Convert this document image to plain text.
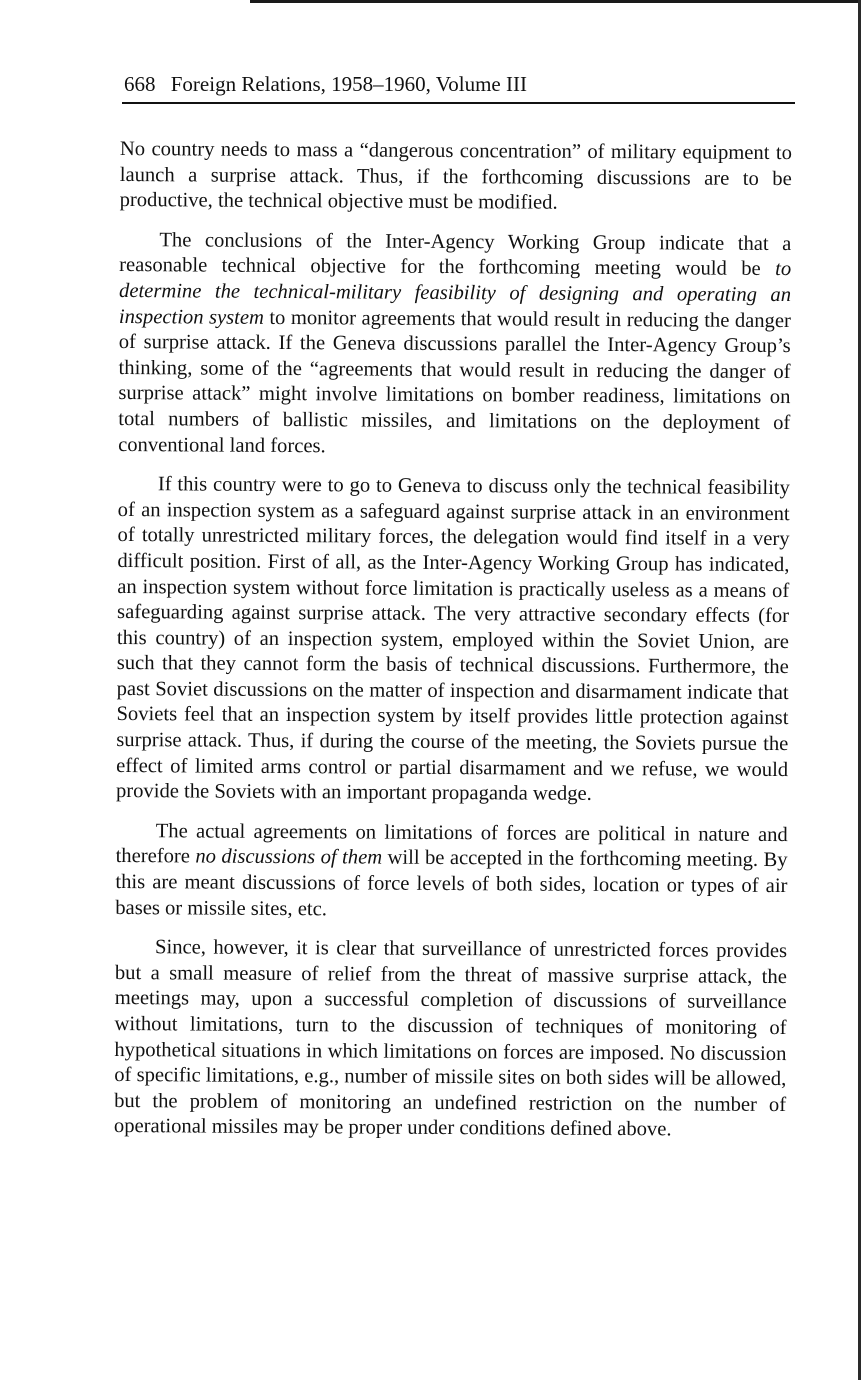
668 Foreign Relations, 1958–1960, Volume III

No country needs to mass a “dangerous concentration” of military equipment to launch a surprise attack. Thus, if the forthcoming discussions are to be productive, the technical objective must be modified.

The conclusions of the Inter-Agency Working Group indicate that a reasonable technical objective for the forthcoming meeting would be to determine the technical-military feasibility of designing and operating an inspection system to monitor agreements that would result in reducing the danger of surprise attack. If the Geneva discussions parallel the Inter-Agency Group’s thinking, some of the “agreements that would result in reducing the danger of surprise attack” might involve limitations on bomber readiness, limitations on total numbers of ballistic missiles, and limitations on the deployment of conventional land forces.

If this country were to go to Geneva to discuss only the technical feasibility of an inspection system as a safeguard against surprise attack in an environment of totally unrestricted military forces, the delegation would find itself in a very difficult position. First of all, as the Inter-Agency Working Group has indicated, an inspection system without force limitation is practically useless as a means of safeguarding against surprise attack. The very attractive secondary effects (for this country) of an inspection system, employed within the Soviet Union, are such that they cannot form the basis of technical discussions. Furthermore, the past Soviet discussions on the matter of inspection and disarmament indicate that Soviets feel that an inspection system by itself provides little protection against surprise attack. Thus, if during the course of the meeting, the Soviets pursue the effect of limited arms control or partial disarmament and we refuse, we would provide the Soviets with an important propaganda wedge.

The actual agreements on limitations of forces are political in nature and therefore no discussions of them will be accepted in the forthcoming meeting. By this are meant discussions of force levels of both sides, location or types of air bases or missile sites, etc.

Since, however, it is clear that surveillance of unrestricted forces provides but a small measure of relief from the threat of massive surprise attack, the meetings may, upon a successful completion of discussions of surveillance without limitations, turn to the discussion of techniques of monitoring of hypothetical situations in which limitations on forces are imposed. No discussion of specific limitations, e.g., number of missile sites on both sides will be allowed, but the problem of monitoring an undefined restriction on the number of operational missiles may be proper under conditions defined above.
